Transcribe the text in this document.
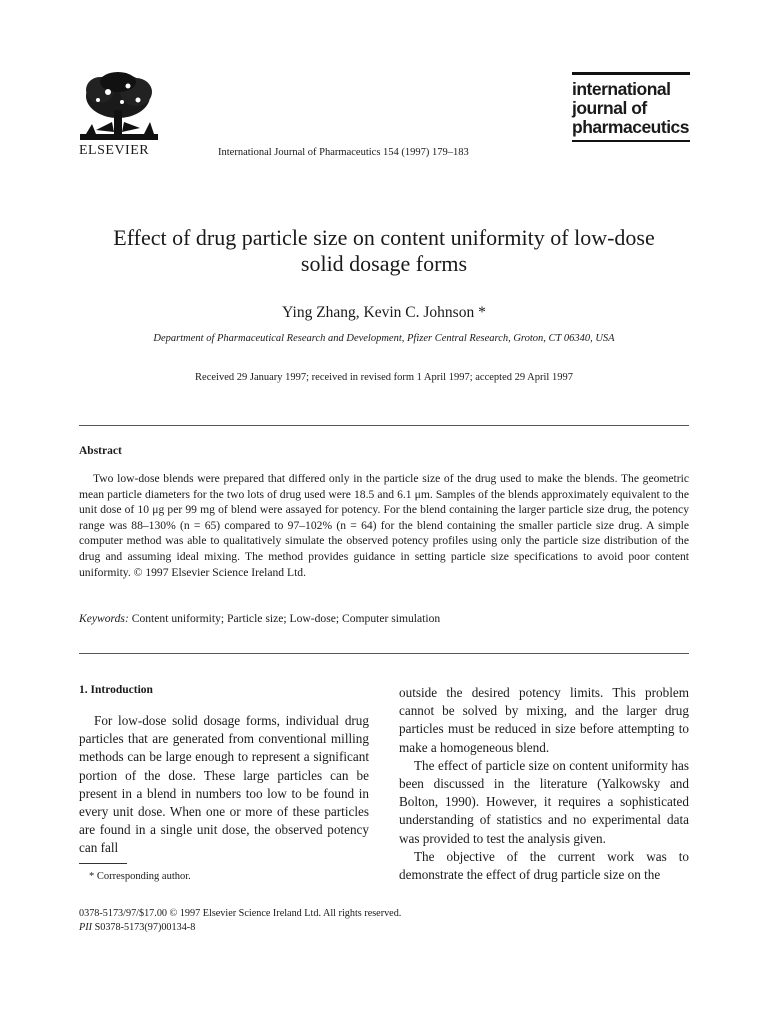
ELSEVIER	International Journal of Pharmaceutics 154 (1997) 179–183
international
journal of
pharmaceutics
Effect of drug particle size on content uniformity of low-dose
solid dosage forms
Ying Zhang, Kevin C. Johnson *
Department of Pharmaceutical Research and Development, Pfizer Central Research, Groton, CT 06340, USA
Received 29 January 1997; received in revised form 1 April 1997; accepted 29 April 1997
Abstract
Two low-dose blends were prepared that differed only in the particle size of the drug used to make the blends. The geometric mean particle diameters for the two lots of drug used were 18.5 and 6.1 μm. Samples of the blends approximately equivalent to the unit dose of 10 μg per 99 mg of blend were assayed for potency. For the blend containing the larger particle size drug, the potency range was 88–130% (n = 65) compared to 97–102% (n = 64) for the blend containing the smaller particle size drug. A simple computer method was able to qualitatively simulate the observed potency profiles using only the particle size distribution of the drug and assuming ideal mixing. The method provides guidance in setting particle size specifications to avoid poor content uniformity. © 1997 Elsevier Science Ireland Ltd.
Keywords: Content uniformity; Particle size; Low-dose; Computer simulation
1. Introduction

For low-dose solid dosage forms, individual drug particles that are generated from conventional milling methods can be large enough to represent a significant portion of the dose. These large particles can be present in a blend in numbers too low to be found in every unit dose. When one or more of these particles are found in a single unit dose, the observed potency can fall

outside the desired potency limits. This problem cannot be solved by mixing, and the larger drug particles must be reduced in size before attempting to make a homogeneous blend.

The effect of particle size on content uniformity has been discussed in the literature (Yalkowsky and Bolton, 1990). However, it requires a sophisticated understanding of statistics and no experimental data was provided to test the analysis given.

The objective of the current work was to demonstrate the effect of drug particle size on the

* Corresponding author.
0378-5173/97/$17.00 © 1997 Elsevier Science Ireland Ltd. All rights reserved.
PII S0378-5173(97)00134-8
